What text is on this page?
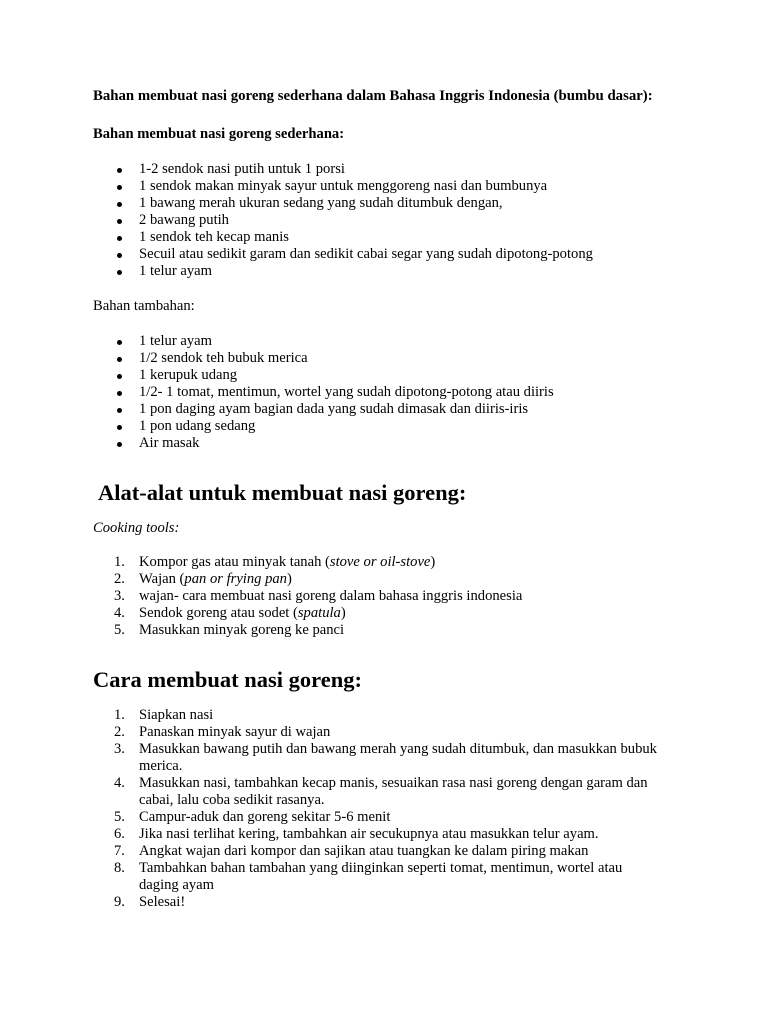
Bahan membuat nasi goreng sederhana dalam Bahasa Inggris Indonesia (bumbu dasar):
Bahan membuat nasi goreng sederhana:
1-2 sendok nasi putih untuk 1 porsi
1 sendok makan minyak sayur untuk menggoreng nasi dan bumbunya
1 bawang merah ukuran sedang yang sudah ditumbuk dengan,
2 bawang putih
1 sendok teh kecap manis
Secuil atau sedikit garam dan sedikit cabai segar yang sudah dipotong-potong
1 telur ayam
Bahan tambahan:
1 telur ayam
1/2 sendok teh bubuk merica
1 kerupuk udang
1/2- 1 tomat, mentimun, wortel yang sudah dipotong-potong atau diiris
1 pon daging ayam bagian dada yang sudah dimasak dan diiris-iris
1 pon udang sedang
Air masak
Alat-alat untuk membuat nasi goreng:
Cooking tools:
1. Kompor gas atau minyak tanah (stove or oil-stove)
2. Wajan (pan or frying pan)
3. wajan- cara membuat nasi goreng dalam bahasa inggris indonesia
4. Sendok goreng atau sodet (spatula)
5. Masukkan minyak goreng ke panci
Cara membuat nasi goreng:
1. Siapkan nasi
2. Panaskan minyak sayur di wajan
3. Masukkan bawang putih dan bawang merah yang sudah ditumbuk, dan masukkan bubuk merica.
4. Masukkan nasi, tambahkan kecap manis, sesuaikan rasa nasi goreng dengan garam dan cabai, lalu coba sedikit rasanya.
5. Campur-aduk dan goreng sekitar 5-6 menit
6. Jika nasi terlihat kering, tambahkan air secukupnya atau masukkan telur ayam.
7. Angkat wajan dari kompor dan sajikan atau tuangkan ke dalam piring makan
8. Tambahkan bahan tambahan yang diinginkan seperti tomat, mentimun, wortel atau daging ayam
9. Selesai!
